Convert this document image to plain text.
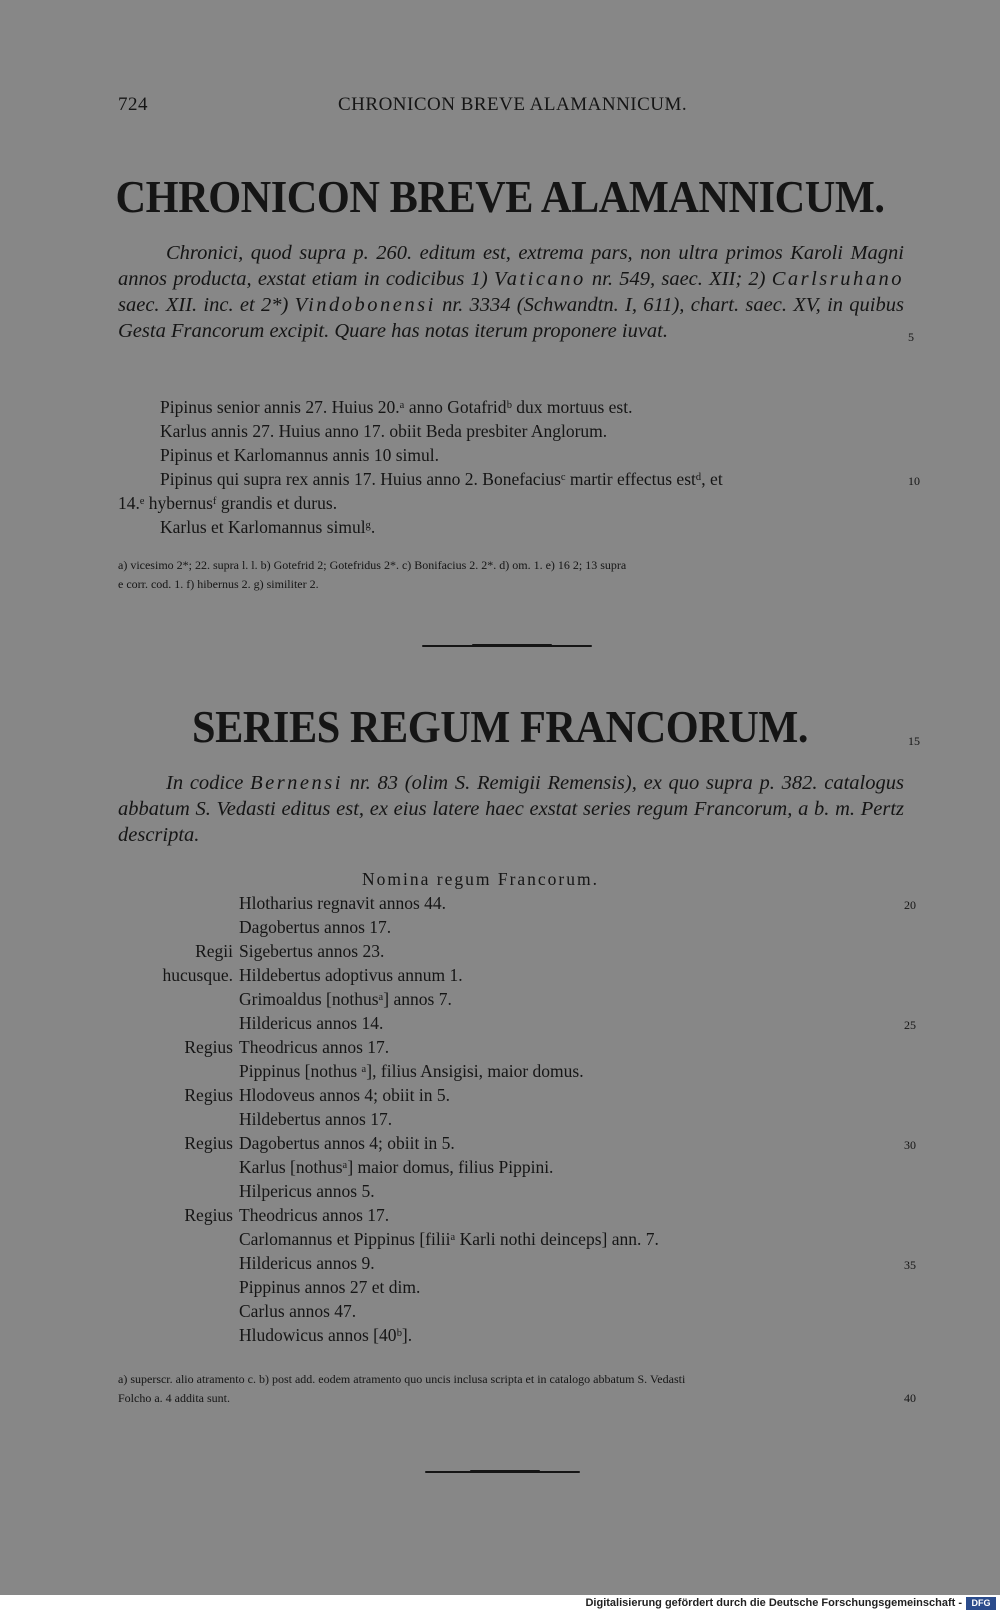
724	CHRONICON BREVE ALAMANNICUM.
CHRONICON BREVE ALAMANNICUM.

Chronici, quod supra p. 260. editum est, extrema pars, non ultra primos Karoli Magni annos producta, exstat etiam in codicibus 1) Vaticano nr. 549, saec. XII; 2) Carlsruhano saec. XII. inc. et 2*) Vindobonensi nr. 3334 (Schwandtn. I, 611), chart. saec. XV, in quibus Gesta Francorum excipit. Quare has notas iterum proponere iuvat.	5
Pipinus senior annis 27. Huius 20.ᵃ anno Gotafridᵇ dux mortuus est.
Karlus annis 27. Huius anno 17. obiit Beda presbiter Anglorum.
Pipinus et Karlomannus annis 10 simul.
Pipinus qui supra rex annis 17. Huius anno 2. Bonefaciusᶜ martir effectus estᵈ, et	10
14.ᵉ hybernusᶠ grandis et durus.
Karlus et Karlomannus simulᵍ.
a) vicesimo 2*; 22. supra l. l. b) Gotefrid 2; Gotefridus 2*. c) Bonifacius 2. 2*. d) om. 1. e) 16 2; 13 supra
e corr. cod. 1. f) hibernus 2. g) similiter 2.
SERIES REGUM FRANCORUM.	15

In codice Bernensi nr. 83 (olim S. Remigii Remensis), ex quo supra p. 382. catalogus abbatum S. Vedasti editus est, ex eius latere haec exstat series regum Francorum, a b. m. Pertz descripta.

Nomina regum Francorum.
Hlotharius regnavit annos 44.	20
Dagobertus annos 17.
Regii Sigebertus annos 23.
hucusque. Hildebertus adoptivus annum 1.
Grimoaldus [nothusᵃ] annos 7.
Hildericus annos 14.	25
Regius Theodricus annos 17.
Pippinus [nothus ᵃ], filius Ansigisi, maior domus.
Regius Hlodoveus annos 4; obiit in 5.
Hildebertus annos 17.
Regius Dagobertus annos 4; obiit in 5.	30
Karlus [nothusᵃ] maior domus, filius Pippini.
Hilpericus annos 5.
Regius Theodricus annos 17.
Carlomannus et Pippinus [filiiᵃ Karli nothi deinceps] ann. 7.
Hildericus annos 9.	35
Pippinus annos 27 et dim.
Carlus annos 47.
Hludowicus annos [40ᵇ].
a) superscr. alio atramento c. b) post add. eodem atramento quo uncis inclusa scripta et in catalogo abbatum S. Vedasti
Folcho a. 4 addita sunt.	40
Digitalisierung gefördert durch die Deutsche Forschungsgemeinschaft -	DFG
